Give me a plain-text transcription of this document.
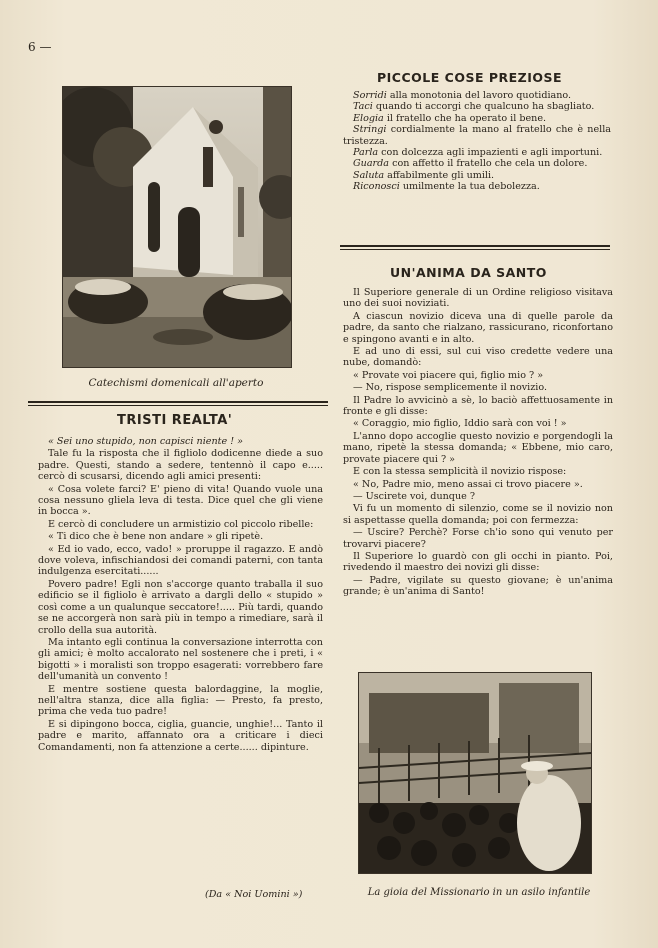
6 —
Catechismi domenicali all'aperto
TRISTI REALTA'

« Sei uno stupido, non capisci niente ! »

Tale fu la risposta che il figliolo dodicenne diede a suo padre. Questi, stando a sedere, tentennò il capo e..... cercò di scusarsi, dicendo agli amici presenti:

« Cosa volete farci? E' pieno di vita! Quando vuole una cosa nessuno gliela leva di testa. Dice quel che gli viene in bocca ».

E cercò di concludere un armistizio col piccolo ribelle:

« Ti dico che è bene non andare » gli ripetè.

« Ed io vado, ecco, vado! » proruppe il ragazzo. E andò dove voleva, infischiandosi dei comandi paterni, con tanta indulgenza esercitati......

Povero padre! Egli non s'accorge quanto traballa il suo edificio se il figliolo è arrivato a dargli dello « stupido » così come a un qualunque seccatore!..... Più tardi, quando se ne accorgerà non sarà più in tempo a rimediare, sarà il crollo della sua autorità.

Ma intanto egli continua la conversazione interrotta con gli amici; è molto accalorato nel sostenere che i preti, i « bigotti » i moralisti son troppo esagerati: vorrebbero fare dell'umanità un convento !

E mentre sostiene questa balordaggine, la moglie, nell'altra stanza, dice alla figlia: — Presto, fa presto, prima che veda tuo padre!

E si dipingono bocca, ciglia, guancie, unghie!... Tanto il padre e marito, affannato ora a criticare i dieci Comandamenti, non fa attenzione a certe...... dipinture.

(Da « Noi Uomini »)
PICCOLE COSE PREZIOSE

Sorridi alla monotonia del lavoro quotidiano.

Taci quando ti accorgi che qualcuno ha sbagliato.

Elogia il fratello che ha operato il bene.

Stringi cordialmente la mano al fratello che è nella tristezza.

Parla con dolcezza agli impazienti e agli importuni.

Guarda con affetto il fratello che cela un dolore.

Saluta affabilmente gli umili.

Riconosci umilmente la tua debolezza.

UN'ANIMA DA SANTO

Il Superiore generale di un Ordine religioso visitava uno dei suoi noviziati.

A ciascun novizio diceva una di quelle parole da padre, da santo che rialzano, rassicurano, riconfortano e spingono avanti e in alto.

E ad uno di essi, sul cui viso credette vedere una nube, domandò:

« Provate voi piacere qui, figlio mio ? »

— No, rispose semplicemente il novizio.

Il Padre lo avvicinò a sè, lo baciò affettuosamente in fronte e gli disse:

« Coraggio, mio figlio, Iddio sarà con voi ! »

L'anno dopo accoglie questo novizio e porgendogli la mano, ripetè la stessa domanda; « Ebbene, mio caro, provate piacere qui ? »

E con la stessa semplicità il novizio rispose:

« No, Padre mio, meno assai ci trovo piacere ».

— Uscirete voi, dunque ?

Vi fu un momento di silenzio, come se il novizio non si aspettasse quella domanda; poi con fermezza:

— Uscire? Perchè? Forse ch'io sono qui venuto per trovarvi piacere?

Il Superiore lo guardò con gli occhi in pianto. Poi, rivedendo il maestro dei novizi gli disse:

— Padre, vigilate su questo giovane; è un'anima grande; è un'anima di Santo!

La gioia del Missionario in un asilo infantile
